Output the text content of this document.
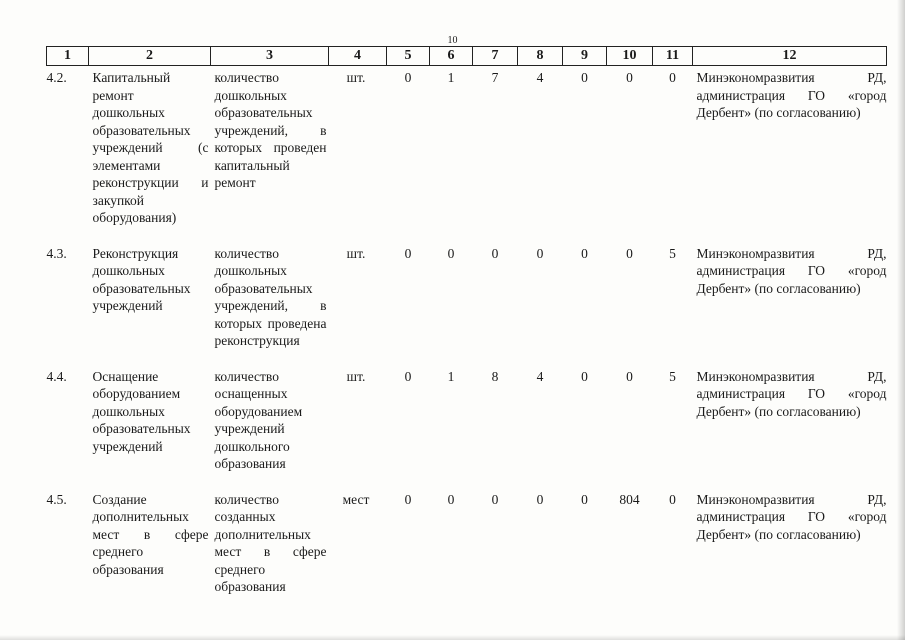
10
1	2	3	4	5	6	7	8	9	10	11	12
4.2.	Капитальный ремонт дошкольных образовательных учреждений (с элементами реконструкции и закупкой оборудования)	количество дошкольных образовательных учреждений, в которых проведен капитальный ремонт	шт.	0	1	7	4	0	0	0	Минэкономразвития РД, администрация ГО «город Дербент» (по согласованию)
4.3.	Реконструкция дошкольных образовательных учреждений	количество дошкольных образовательных учреждений, в которых проведена реконструкция	шт.	0	0	0	0	0	0	5	Минэкономразвития РД, администрация ГО «город Дербент» (по согласованию)
4.4.	Оснащение оборудованием дошкольных образовательных учреждений	количество оснащенных оборудованием учреждений дошкольного образования	шт.	0	1	8	4	0	0	5	Минэкономразвития РД, администрация ГО «город Дербент» (по согласованию)
4.5.	Создание дополнительных мест в сфере среднего образования	количество созданных дополнительных мест в сфере среднего образования	мест	0	0	0	0	0	804	0	Минэкономразвития РД, администрация ГО «город Дербент» (по согласованию)
